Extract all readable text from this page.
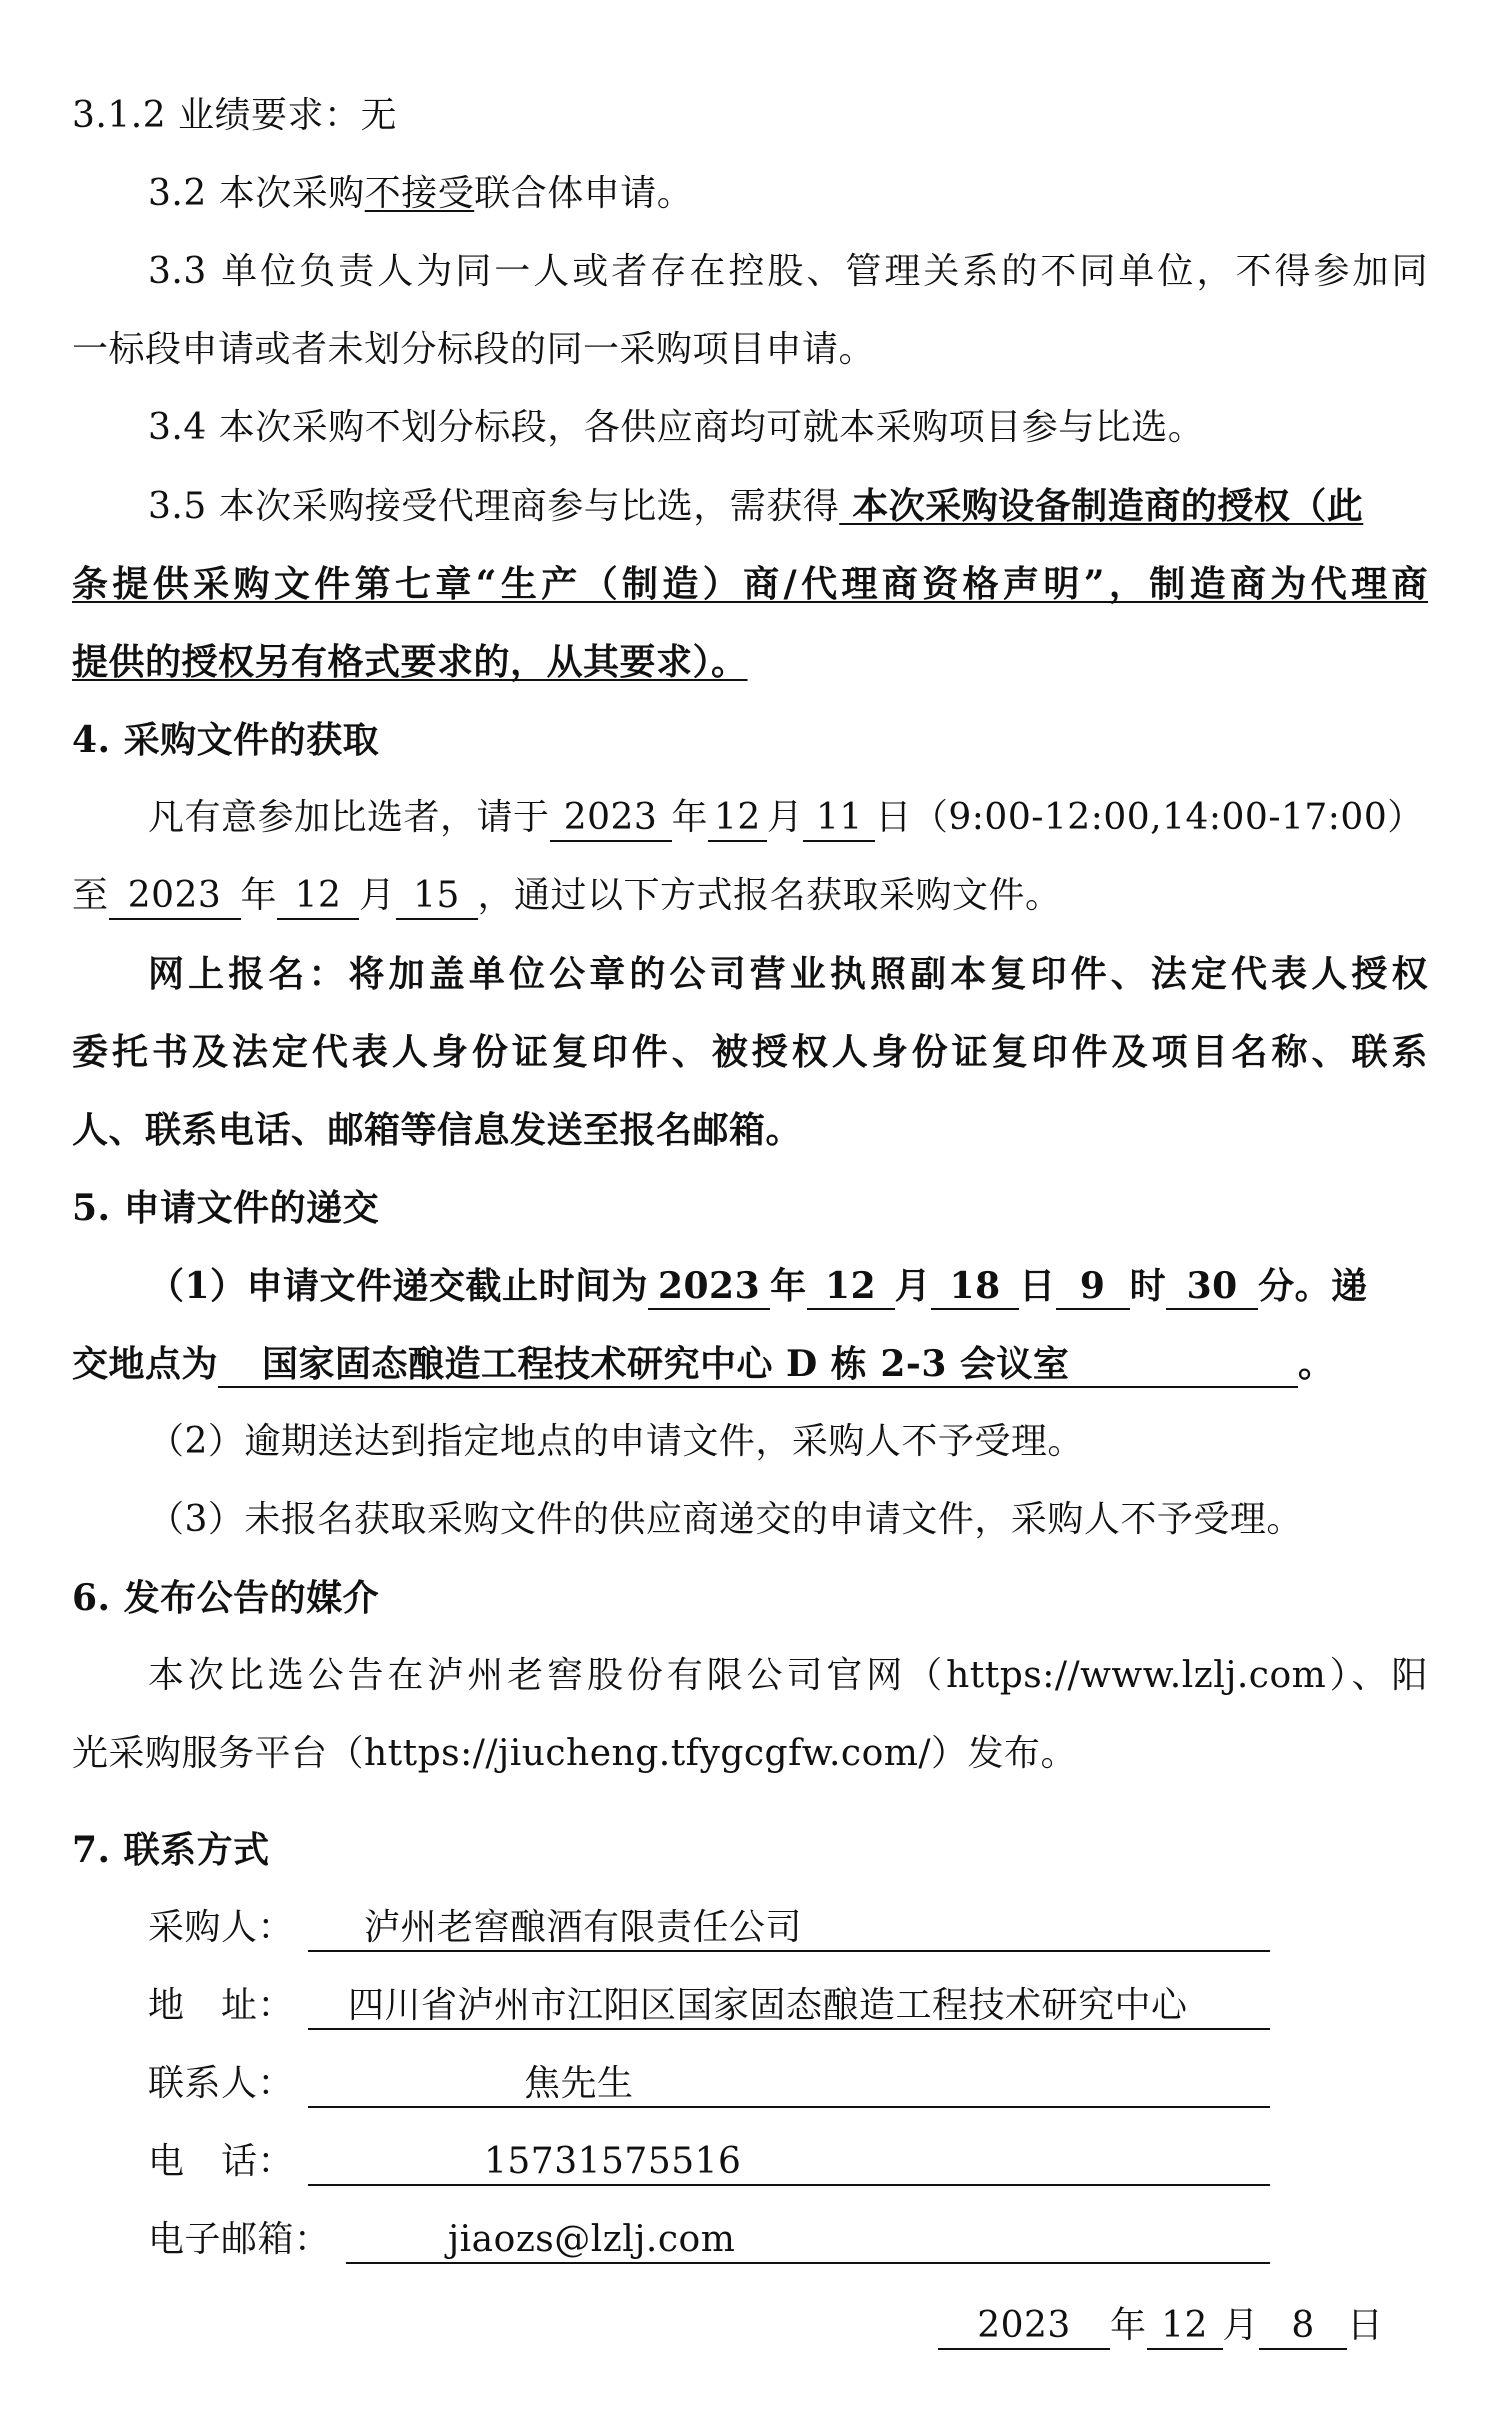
3.1.2 业绩要求：无
3.2 本次采购不接受联合体申请。
3.3 单位负责人为同一人或者存在控股、管理关系的不同单位，不得参加同
一标段申请或者未划分标段的同一采购项目申请。
3.4 本次采购不划分标段，各供应商均可就本采购项目参与比选。
3.5 本次采购接受代理商参与比选，需获得 本次采购设备制造商的授权（此
条提供采购文件第七章“生产（制造）商/代理商资格声明”，制造商为代理商
提供的授权另有格式要求的，从其要求）。
4. 采购文件的获取
凡有意参加比选者，请于 2023 年 12 月 11 日（9:00-12:00,14:00-17:00）
至 2023 年 12 月 15 ，通过以下方式报名获取采购文件。
网上报名：将加盖单位公章的公司营业执照副本复印件、法定代表人授权
委托书及法定代表人身份证复印件、被授权人身份证复印件及项目名称、联系
人、联系电话、邮箱等信息发送至报名邮箱。
5. 申请文件的递交
（1）申请文件递交截止时间为 2023 年 12 月 18 日 9 时 30 分。递
交地点为 国家固态酿造工程技术研究中心 D 栋 2-3 会议室	。
（2）逾期送达到指定地点的申请文件，采购人不予受理。
（3）未报名获取采购文件的供应商递交的申请文件，采购人不予受理。
6. 发布公告的媒介
本次比选公告在泸州老窖股份有限公司官网（https://www.lzlj.com）、阳
光采购服务平台（https://jiucheng.tfygcgfw.com/）发布。
7. 联系方式
采购人：	泸州老窖酿酒有限责任公司
地　址：	四川省泸州市江阳区国家固态酿造工程技术研究中心
联系人：	焦先生
电　话：	15731575516
电子邮箱：	jiaozs@lzlj.com
2023 年 12 月 8 日
